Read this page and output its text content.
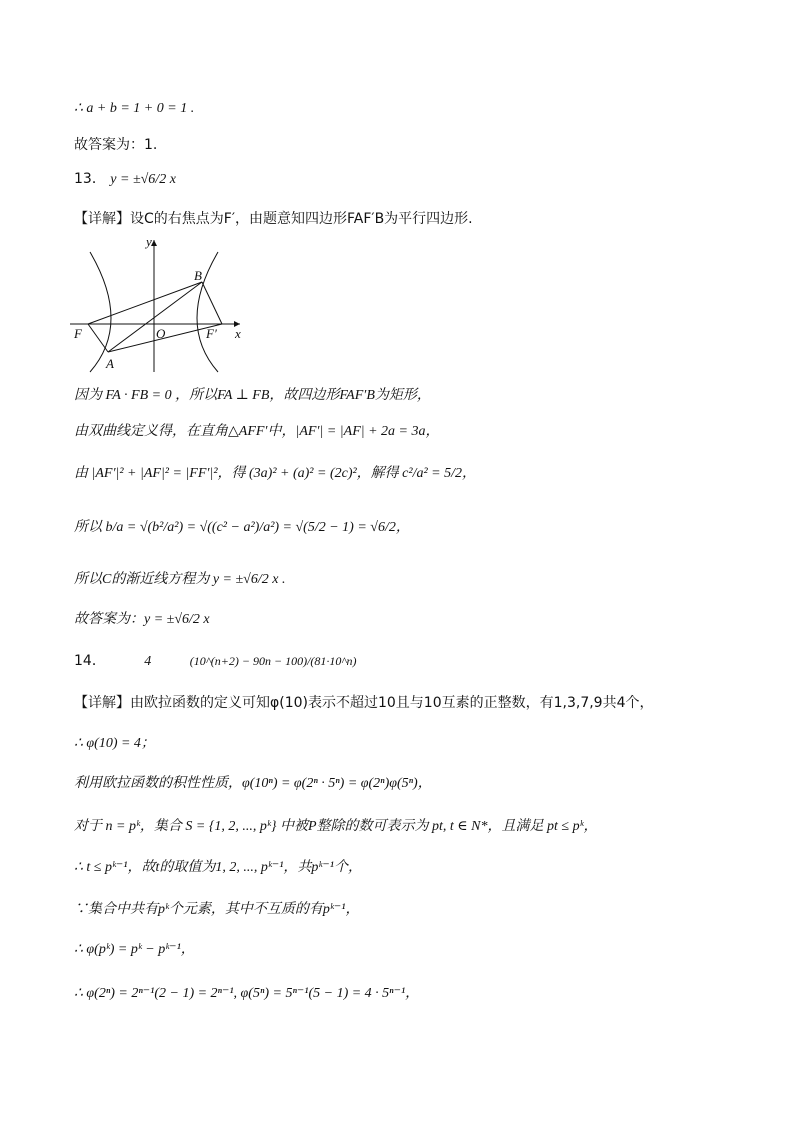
∴ a + b = 1 + 0 = 1 .
故答案为：1.
13． y = ±√6/2 x
【详解】设C的右焦点为F′，由题意知四边形FAF′B为平行四边形.
y
x
O
F	F′
A
B
因为 FA · FB = 0 ，所以FA ⊥ FB，故四边形FAF′B为矩形，
由双曲线定义得，在直角△AFF′中，|AF′| = |AF| + 2a = 3a，
由 |AF′|² + |AF|² = |FF′|²，得 (3a)² + (a)² = (2c)²，解得 c²/a² = 5/2，
所以 b/a = √(b²/a²) = √((c² − a²)/a²) = √(5/2 − 1) = √6/2，
所以C的渐近线方程为 y = ±√6/2 x .
故答案为：y = ±√6/2 x
14．	4	(10^(n+2) − 90n − 100)/(81·10^n)
【详解】由欧拉函数的定义可知φ(10)表示不超过10且与10互素的正整数，有1,3,7,9共4个，
∴ φ(10) = 4；
利用欧拉函数的积性性质，φ(10ⁿ) = φ(2ⁿ · 5ⁿ) = φ(2ⁿ)φ(5ⁿ)，
对于 n = pᵏ，集合 S = {1, 2, ..., pᵏ} 中被P整除的数可表示为 pt, t ∈ N*，且满足 pt ≤ pᵏ，
∴ t ≤ pᵏ⁻¹，故t的取值为1, 2, ..., pᵏ⁻¹，共pᵏ⁻¹个，
∵集合中共有pᵏ个元素，其中不互质的有pᵏ⁻¹，
∴ φ(pᵏ) = pᵏ − pᵏ⁻¹，
∴ φ(2ⁿ) = 2ⁿ⁻¹(2 − 1) = 2ⁿ⁻¹, φ(5ⁿ) = 5ⁿ⁻¹(5 − 1) = 4 · 5ⁿ⁻¹，
